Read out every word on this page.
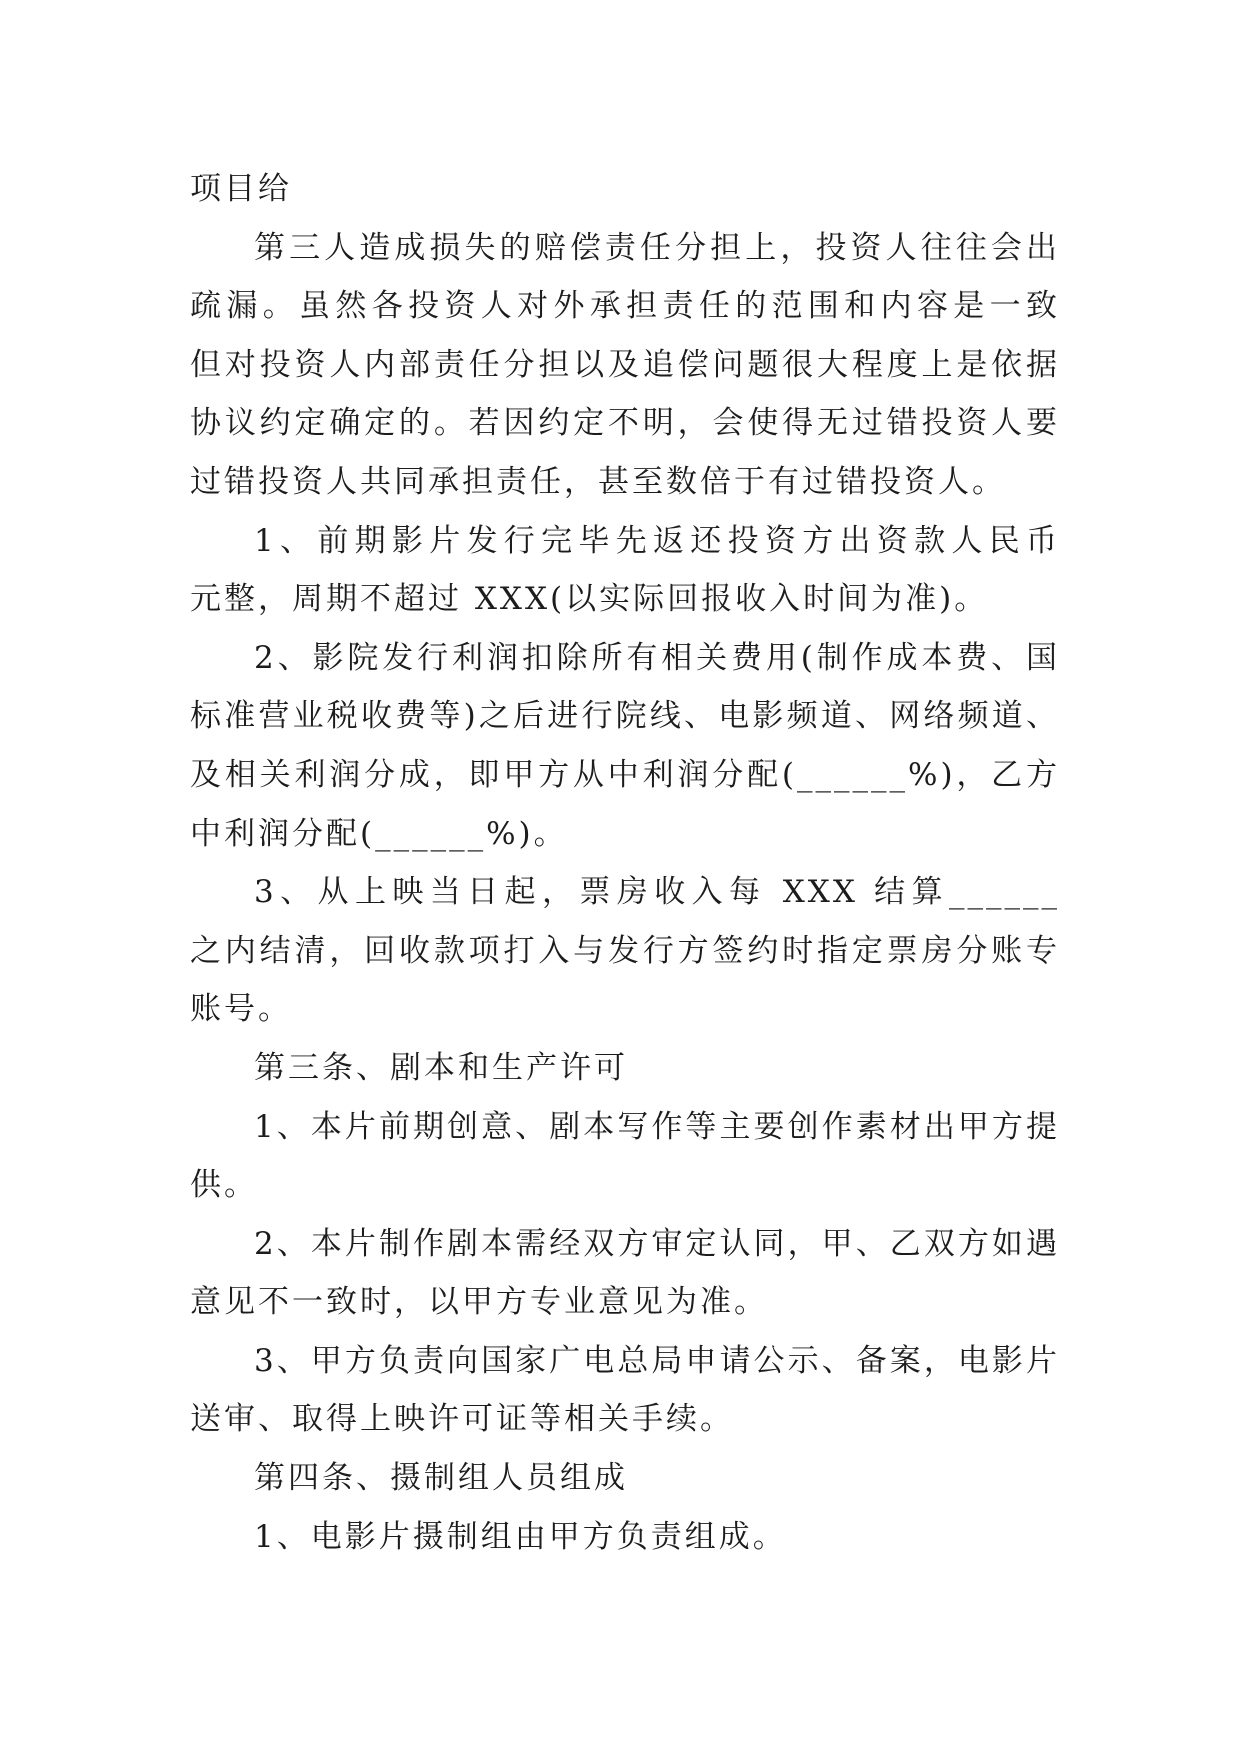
项目给
第三人造成损失的赔偿责任分担上，投资人往往会出
疏漏。虽然各投资人对外承担责任的范围和内容是一致
但对投资人内部责任分担以及追偿问题很大程度上是依据
协议约定确定的。若因约定不明，会使得无过错投资人要
过错投资人共同承担责任，甚至数倍于有过错投资人。
1、前期影片发行完毕先返还投资方出资款人民币
元整，周期不超过 XXX(以实际回报收入时间为准)。
2、影院发行利润扣除所有相关费用(制作成本费、国
标准营业税收费等)之后进行院线、电影频道、网络频道、
及相关利润分成，即甲方从中利润分配(______%)，乙方
中利润分配(______%)。
3、从上映当日起，票房收入每 XXX 结算______
之内结清，回收款项打入与发行方签约时指定票房分账专
账号。
第三条、剧本和生产许可
1、本片前期创意、剧本写作等主要创作素材出甲方提
供。
2、本片制作剧本需经双方审定认同，甲、乙双方如遇
意见不一致时，以甲方专业意见为准。
3、甲方负责向国家广电总局申请公示、备案，电影片
送审、取得上映许可证等相关手续。
第四条、摄制组人员组成
1、电影片摄制组由甲方负责组成。
